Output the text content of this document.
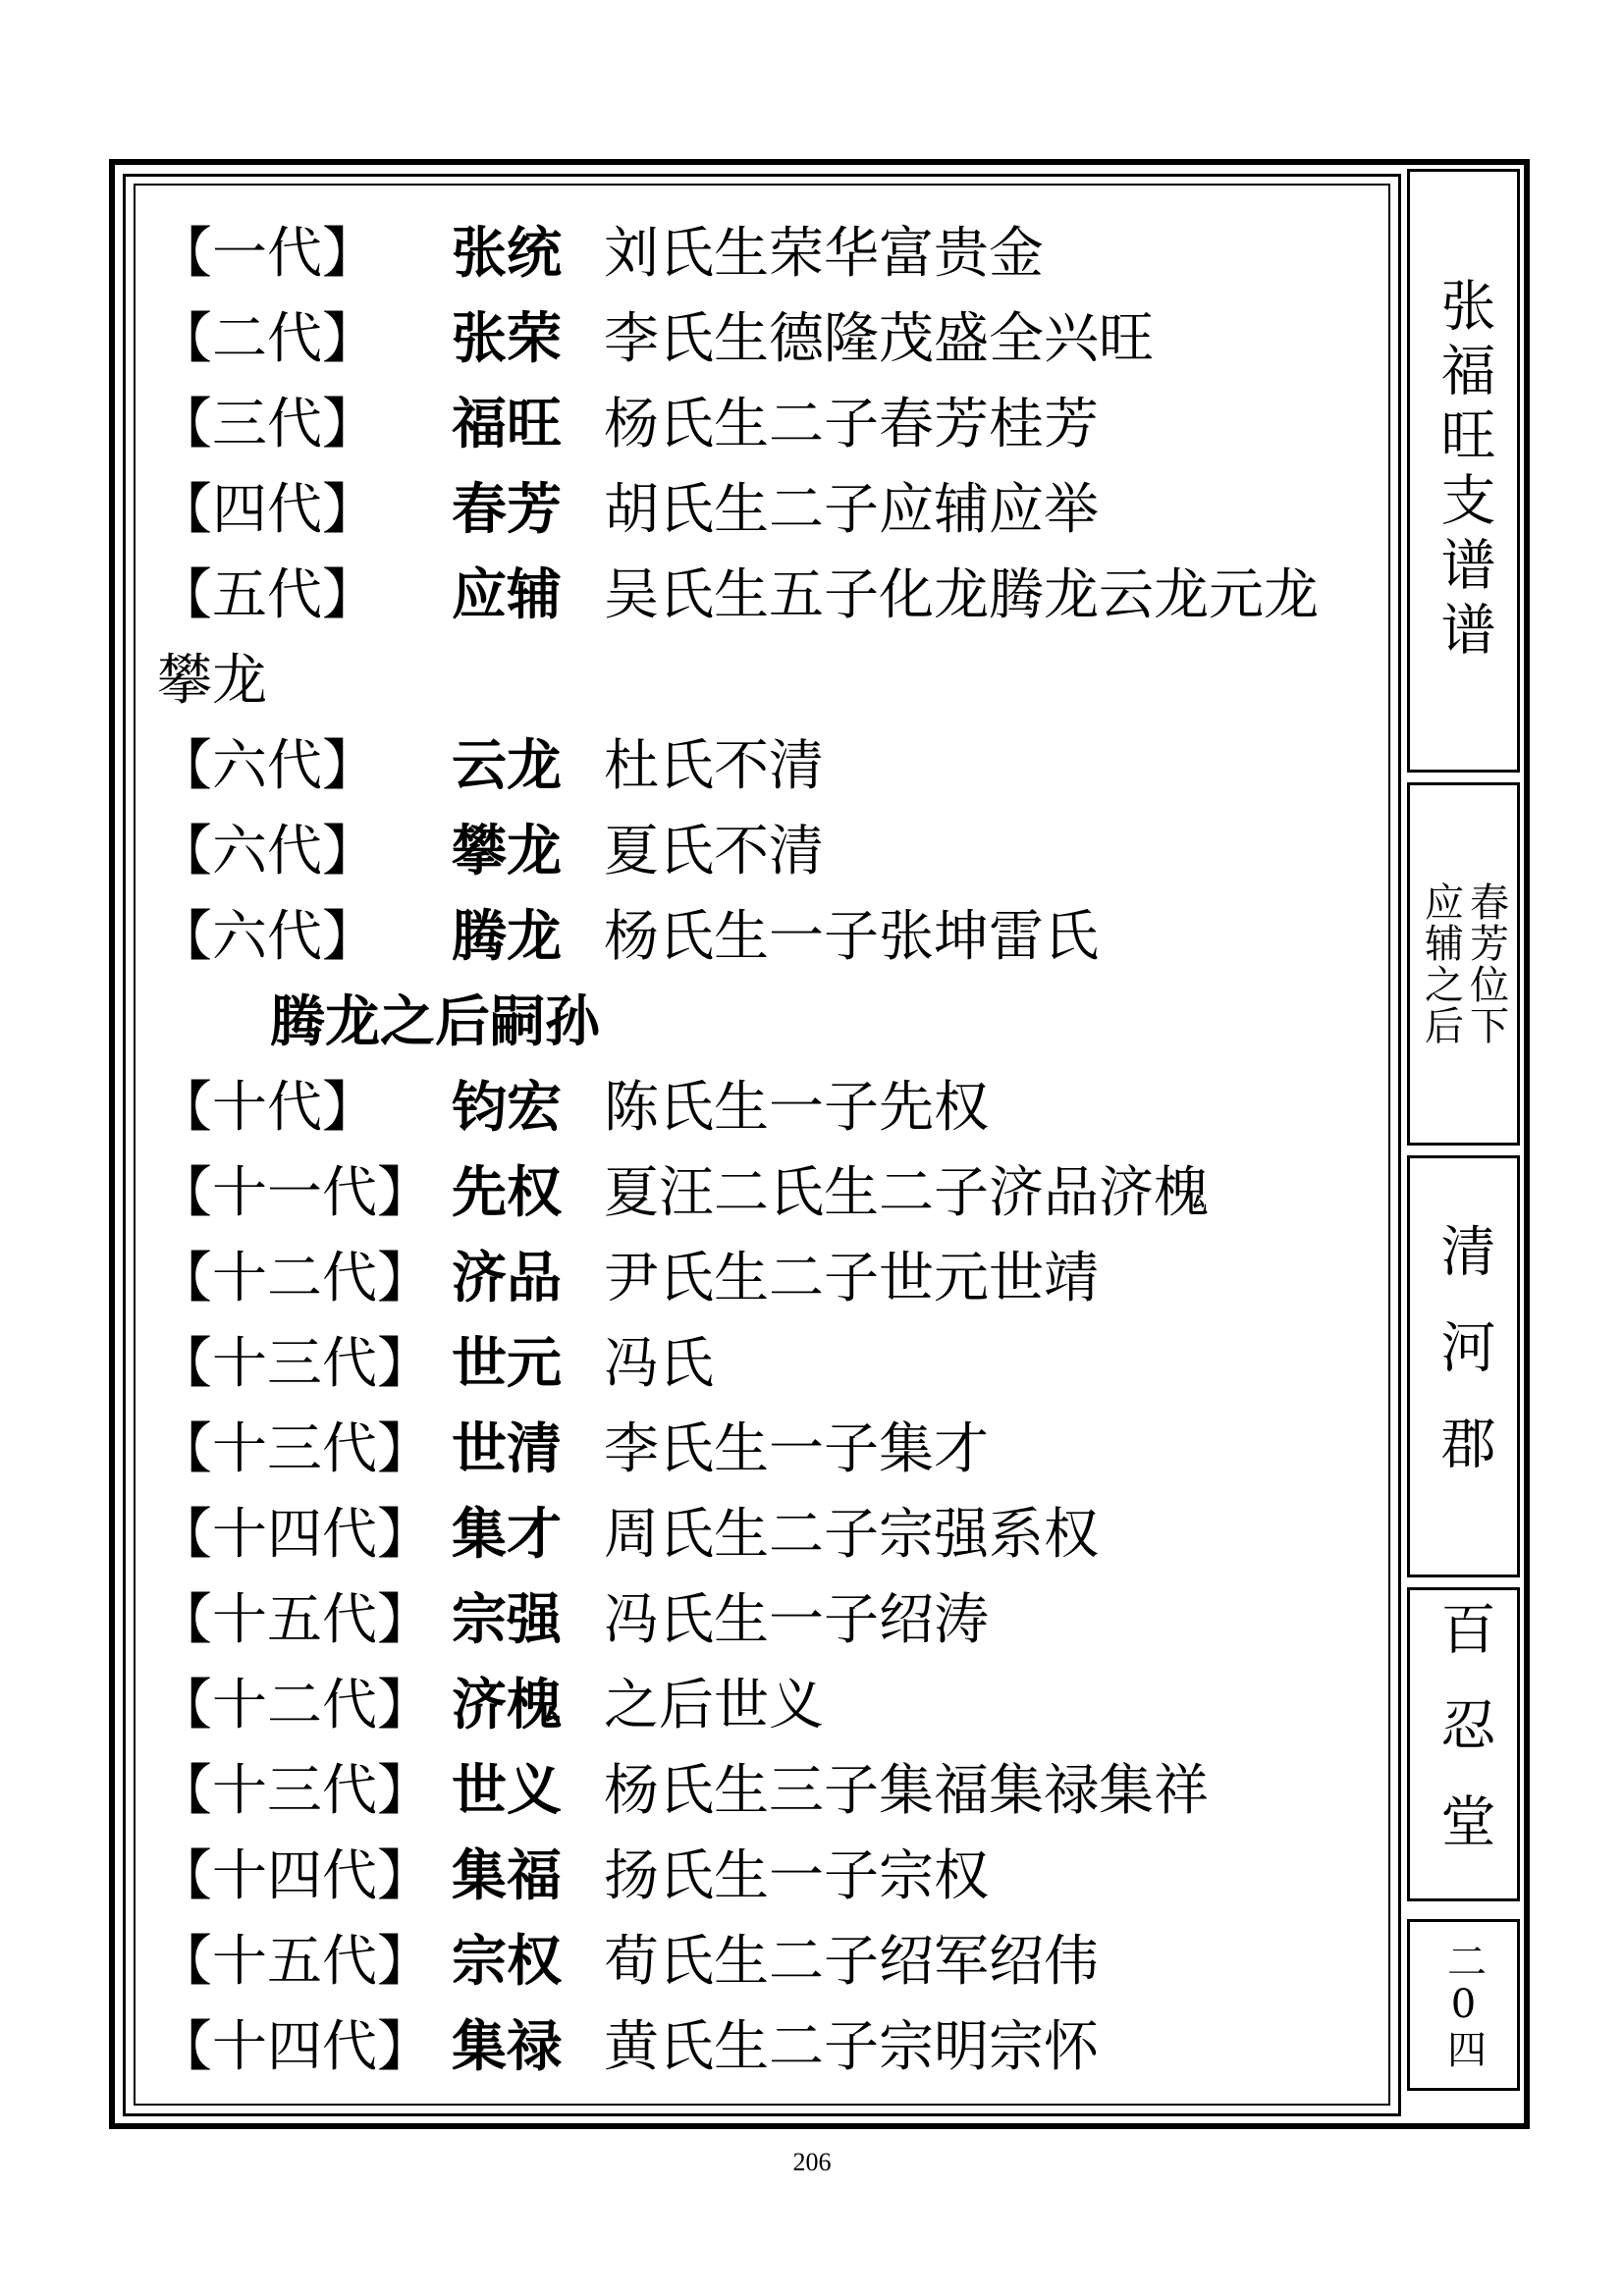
【一代】 张统 刘氏生荣华富贵金
【二代】 张荣 李氏生德隆茂盛全兴旺
【三代】 福旺 杨氏生二子春芳桂芳
【四代】 春芳 胡氏生二子应辅应举
【五代】 应辅 吴氏生五子化龙腾龙云龙元龙
攀龙
【六代】 云龙 杜氏不清
【六代】 攀龙 夏氏不清
【六代】 腾龙 杨氏生一子张坤雷氏
腾龙之后嗣孙
【十代】 钧宏 陈氏生一子先权
【十一代】 先权 夏汪二氏生二子济品济槐
【十二代】 济品 尹氏生二子世元世靖
【十三代】 世元 冯氏
【十三代】 世清 李氏生一子集才
【十四代】 集才 周氏生二子宗强系权
【十五代】 宗强 冯氏生一子绍涛
【十二代】 济槐 之后世义
【十三代】 世义 杨氏生三子集福集禄集祥
【十四代】 集福 扬氏生一子宗权
【十五代】 宗权 荀氏生二子绍军绍伟
【十四代】 集禄 黄氏生二子宗明宗怀
张福旺支谱谱
春芳位下
应辅之后
清河郡
百忍堂
二0四
206
